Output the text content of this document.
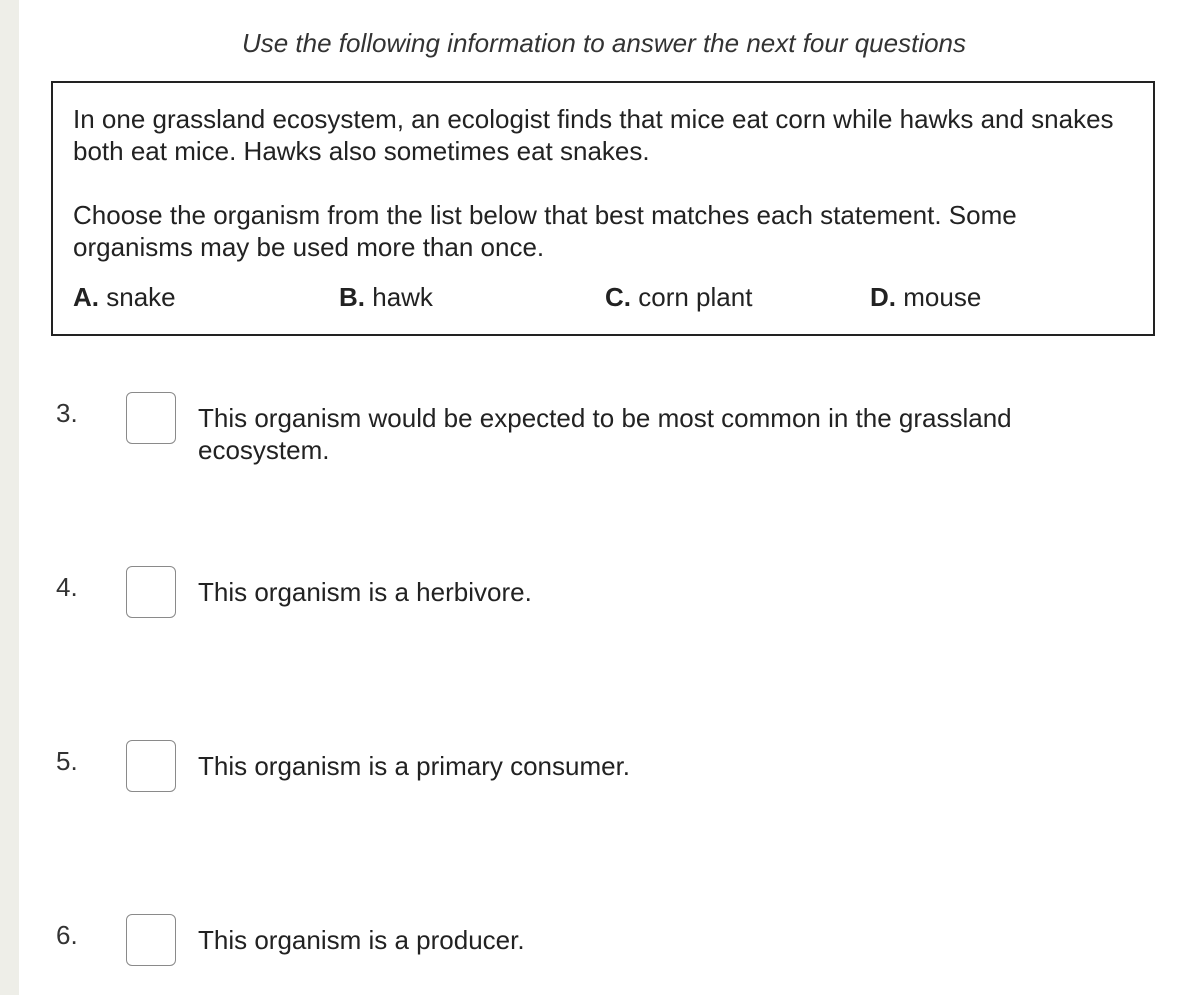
Use the following information to answer the next four questions

In one grassland ecosystem, an ecologist finds that mice eat corn while hawks and snakes both eat mice. Hawks also sometimes eat snakes.

Choose the organism from the list below that best matches each statement. Some organisms may be used more than once.

A. snake	B. hawk	C. corn plant	D. mouse
3.	This organism would be expected to be most common in the grassland ecosystem.
4.	This organism is a herbivore.
5.	This organism is a primary consumer.
6.	This organism is a producer.
